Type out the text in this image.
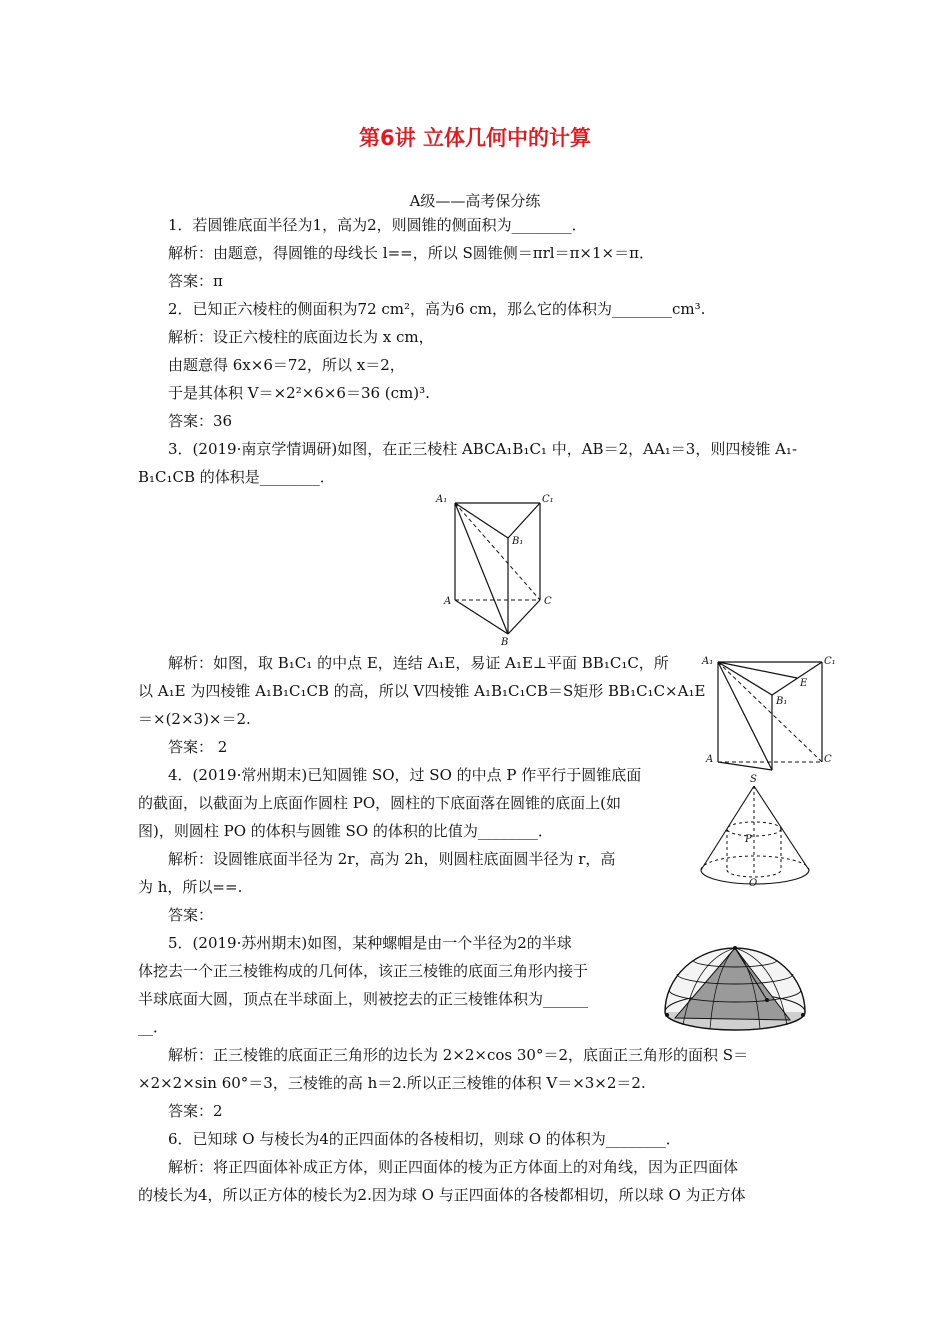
第6讲 立体几何中的计算
A级——高考保分练
1．若圆锥底面半径为1，高为2，则圆锥的侧面积为________．
解析：由题意，得圆锥的母线长 l==，所以 S圆锥侧＝πrl＝π×1×＝π．
答案：π
2．已知正六棱柱的侧面积为72 cm²，高为6 cm，那么它的体积为________cm³.
解析：设正六棱柱的底面边长为 x cm，
由题意得 6x×6＝72，所以 x＝2，
于是其体积 V＝×2²×6×6＝36 (cm)³.
答案：36
3．(2019·南京学情调研)如图，在正三棱柱 ABCA₁B₁C₁ 中，AB＝2，AA₁＝3，则四棱锥 A₁-
B₁C₁CB 的体积是________．
A₁	C₁
B₁
A	C
B
解析：如图，取 B₁C₁ 的中点 E，连结 A₁E，易证 A₁E⊥平面 BB₁C₁C，所
以 A₁E 为四棱锥 A₁B₁C₁CB 的高，所以 V四棱锥 A₁B₁C₁CB＝S矩形 BB₁C₁C×A₁E
＝×(2×3)×＝2.
答案： 2
A₁	C₁
E
B₁
A	C
4．(2019·常州期末)已知圆锥 SO，过 SO 的中点 P 作平行于圆锥底面
的截面，以截面为上底面作圆柱 PO，圆柱的下底面落在圆锥的底面上(如
图)，则圆柱 PO 的体积与圆锥 SO 的体积的比值为________．
S
P
O
解析：设圆锥底面半径为 2r，高为 2h，则圆柱底面圆半径为 r，高
为 h，所以==.
答案：
5．(2019·苏州期末)如图，某种螺帽是由一个半径为2的半球
体挖去一个正三棱锥构成的几何体，该正三棱锥的底面三角形内接于
半球底面大圆，顶点在半球面上，则被挖去的正三棱锥体积为______
__．
解析：正三棱锥的底面正三角形的边长为 2×2×cos 30°＝2，底面正三角形的面积 S＝
×2×2×sin 60°＝3，三棱锥的高 h＝2.所以正三棱锥的体积 V＝×3×2＝2.
答案：2
6．已知球 O 与棱长为4的正四面体的各棱相切，则球 O 的体积为________．
解析：将正四面体补成正方体，则正四面体的棱为正方体面上的对角线，因为正四面体
的棱长为4，所以正方体的棱长为2.因为球 O 与正四面体的各棱都相切，所以球 O 为正方体
